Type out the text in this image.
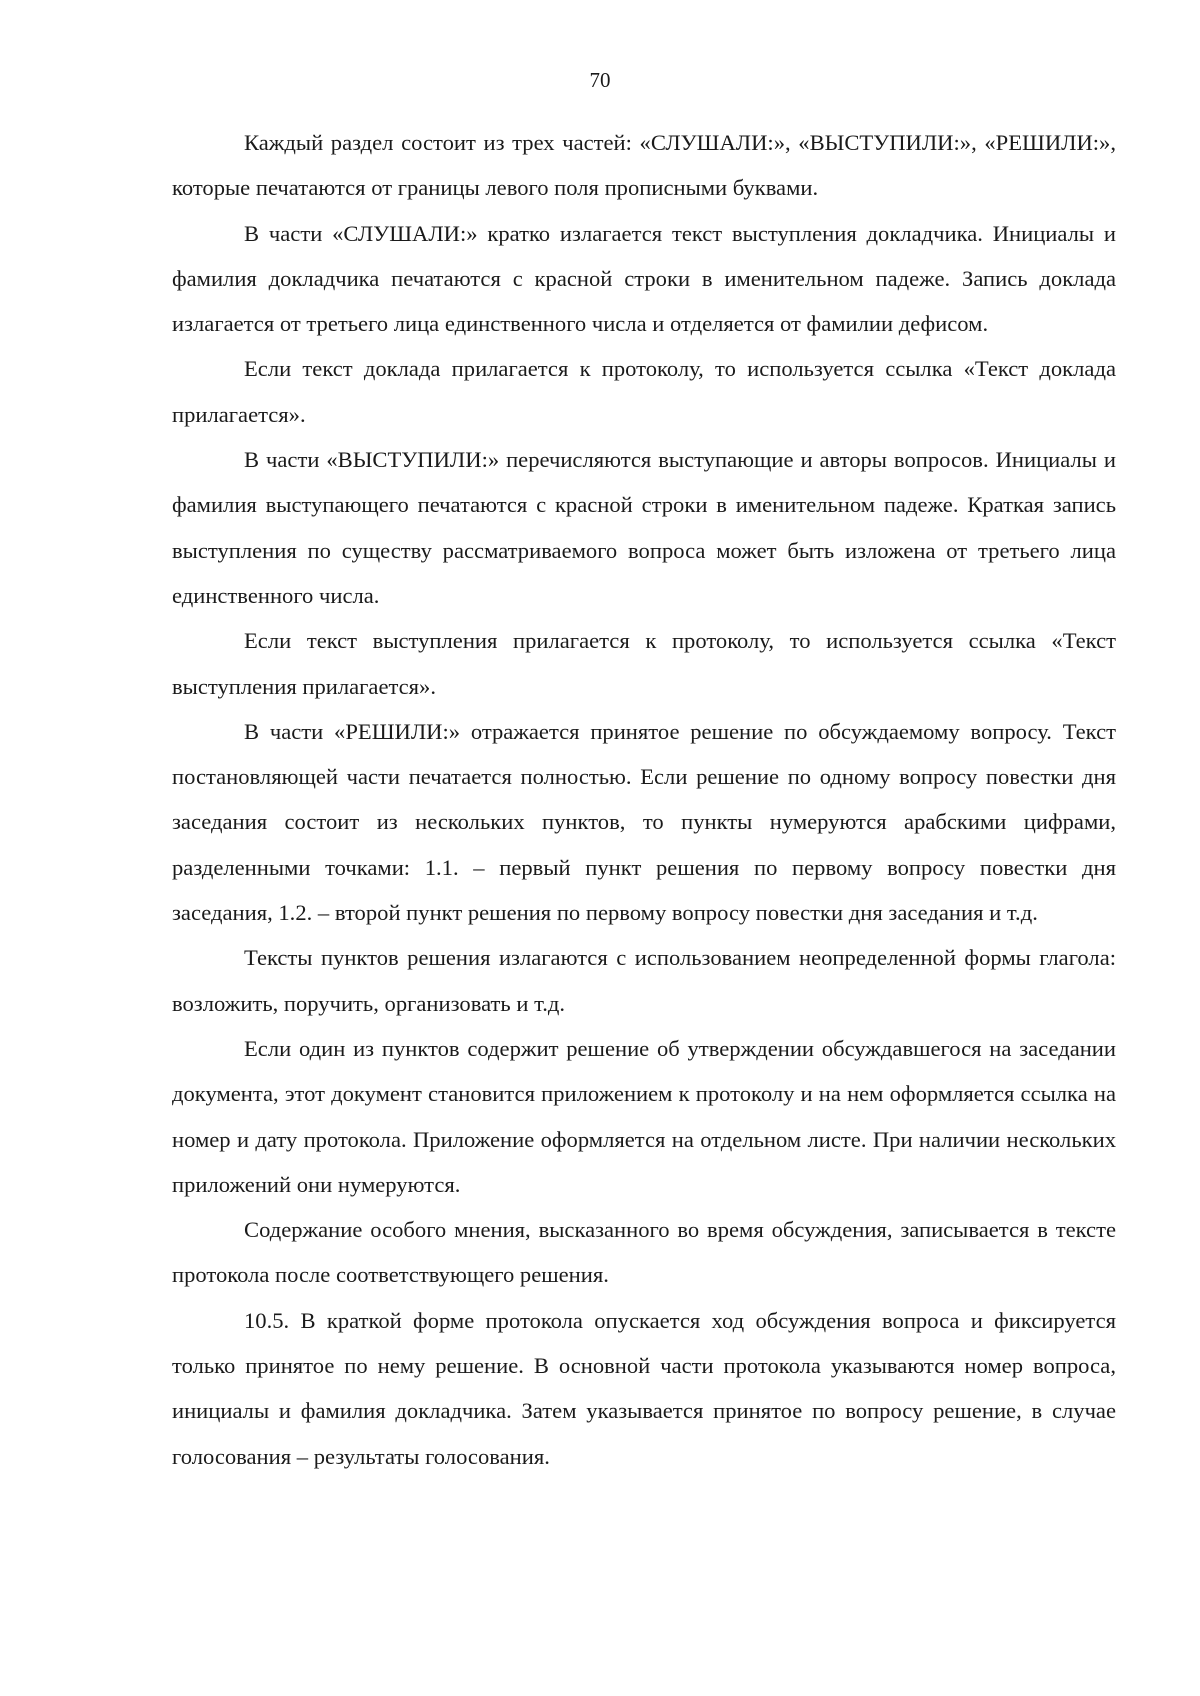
70

Каждый раздел состоит из трех частей: «СЛУШАЛИ:», «ВЫСТУПИЛИ:», «РЕШИЛИ:», которые печатаются от границы левого поля прописными буквами.

В части «СЛУШАЛИ:» кратко излагается текст выступления докладчика. Инициалы и фамилия докладчика печатаются с красной строки в именительном падеже. Запись доклада излагается от третьего лица единственного числа и отделяется от фамилии дефисом.

Если текст доклада прилагается к протоколу, то используется ссылка «Текст доклада прилагается».

В части «ВЫСТУПИЛИ:» перечисляются выступающие и авторы вопросов. Инициалы и фамилия выступающего печатаются с красной строки в именительном падеже. Краткая запись выступления по существу рассматриваемого вопроса может быть изложена от третьего лица единственного числа.

Если текст выступления прилагается к протоколу, то используется ссылка «Текст выступления прилагается».

В части «РЕШИЛИ:» отражается принятое решение по обсуждаемому вопросу. Текст постановляющей части печатается полностью. Если решение по одному вопросу повестки дня заседания состоит из нескольких пунктов, то пункты нумеруются арабскими цифрами, разделенными точками: 1.1. – первый пункт решения по первому вопросу повестки дня заседания, 1.2. – второй пункт решения по первому вопросу повестки дня заседания и т.д.

Тексты пунктов решения излагаются с использованием неопределенной формы глагола: возложить, поручить, организовать и т.д.

Если один из пунктов содержит решение об утверждении обсуждавшегося на заседании документа, этот документ становится приложением к протоколу и на нем оформляется ссылка на номер и дату протокола. Приложение оформляется на отдельном листе. При наличии нескольких приложений они нумеруются.

Содержание особого мнения, высказанного во время обсуждения, записывается в тексте протокола после соответствующего решения.

10.5. В краткой форме протокола опускается ход обсуждения вопроса и фиксируется только принятое по нему решение. В основной части протокола указываются номер вопроса, инициалы и фамилия докладчика. Затем указывается принятое по вопросу решение, в случае голосования – результаты голосования.
